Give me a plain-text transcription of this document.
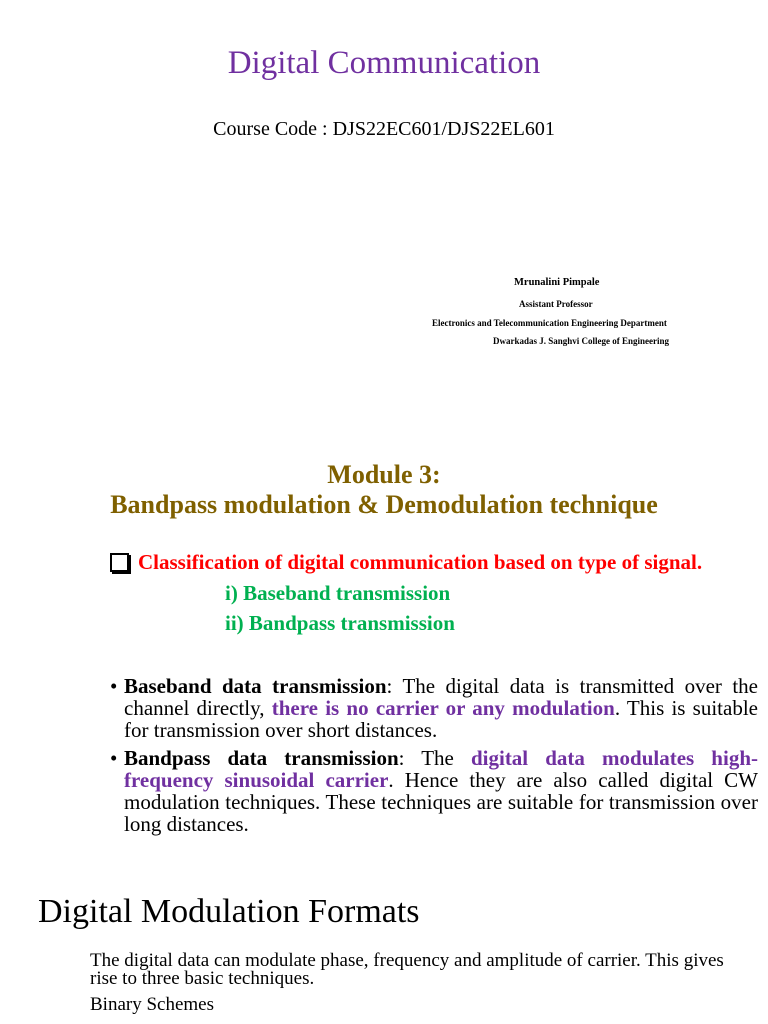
Digital Communication
Course Code : DJS22EC601/DJS22EL601
Mrunalini Pimpale
Assistant Professor
Electronics and Telecommunication Engineering Department
Dwarkadas J. Sanghvi College of Engineering
Module 3:
Bandpass modulation & Demodulation technique
Classification of digital communication based on type of signal.
i) Baseband transmission
ii) Bandpass transmission
• Baseband data transmission: The digital data is transmitted over the channel directly, there is no carrier or any modulation. This is suitable for transmission over short distances.
• Bandpass data transmission: The digital data modulates high-frequency sinusoidal carrier. Hence they are also called digital CW modulation techniques. These techniques are suitable for transmission over long distances.
Digital Modulation Formats
The digital data can modulate phase, frequency and amplitude of carrier. This gives rise to three basic techniques.
Binary Schemes
